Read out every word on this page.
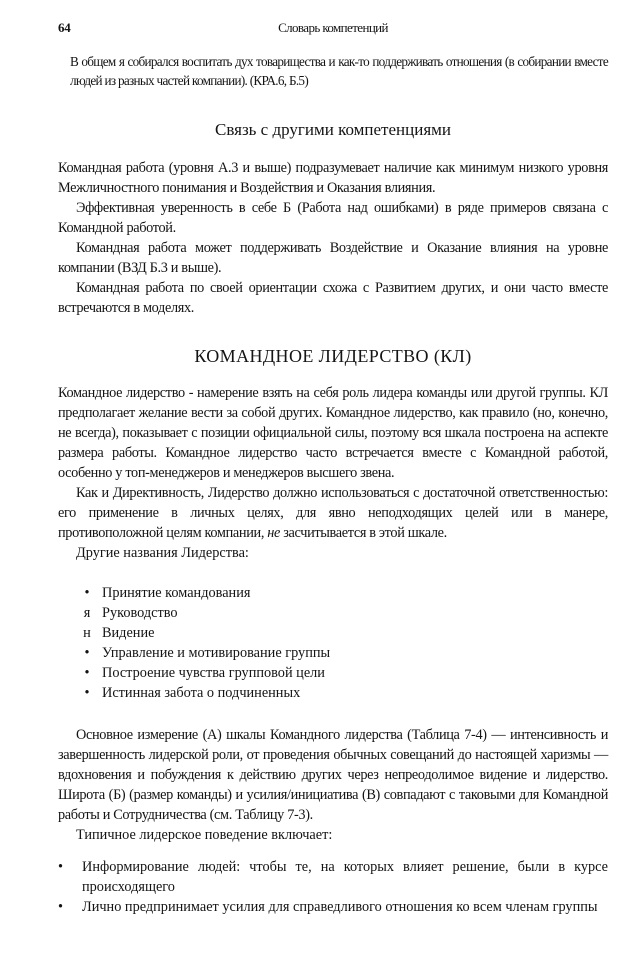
64	Словарь компетенций

В общем я собирался воспитать дух товарищества и как-то поддерживать отношения (в собирании вместе людей из разных частей компании). (КРА.6, Б.5)

Связь с другими компетенциями

Командная работа (уровня А.3 и выше) подразумевает наличие как минимум низкого уровня Межличностного понимания и Воздействия и Оказания влияния.

Эффективная уверенность в себе Б (Работа над ошибками) в ряде примеров связана с Командной работой.

Командная работа может поддерживать Воздействие и Оказание влияния на уровне компании (ВЗД Б.3 и выше).

Командная работа по своей ориентации схожа с Развитием других, и они часто вместе встречаются в моделях.

КОМАНДНОЕ ЛИДЕРСТВО (КЛ)

Командное лидерство - намерение взять на себя роль лидера команды или другой группы. КЛ предполагает желание вести за собой других. Командное лидерство, как правило (но, конечно, не всегда), показывает с позиции официальной силы, поэтому вся шкала построена на аспекте размера работы. Командное лидерство часто встречается вместе с Командной работой, особенно у топ-менеджеров и менеджеров высшего звена.

Как и Директивность, Лидерство должно использоваться с достаточной ответственностью: его применение в личных целях, для явно неподходящих целей или в манере, противоположной целям компании, не засчитывается в этой шкале.

Другие названия Лидерства:

• Принятие командования
я Руководство
н Видение
• Управление и мотивирование группы
• Построение чувства групповой цели
• Истинная забота о подчиненных

Основное измерение (А) шкалы Командного лидерства (Таблица 7-4) — интенсивность и завершенность лидерской роли, от проведения обычных совещаний до настоящей харизмы — вдохновения и побуждения к действию других через непреодолимое видение и лидерство. Широта (Б) (размер команды) и усилия/инициатива (В) совпадают с таковыми для Командной работы и Сотрудничества (см. Таблицу 7-3).

Типичное лидерское поведение включает:

• Информирование людей: чтобы те, на которых влияет решение, были в курсе происходящего
• Лично предпринимает усилия для справедливого отношения ко всем членам группы
